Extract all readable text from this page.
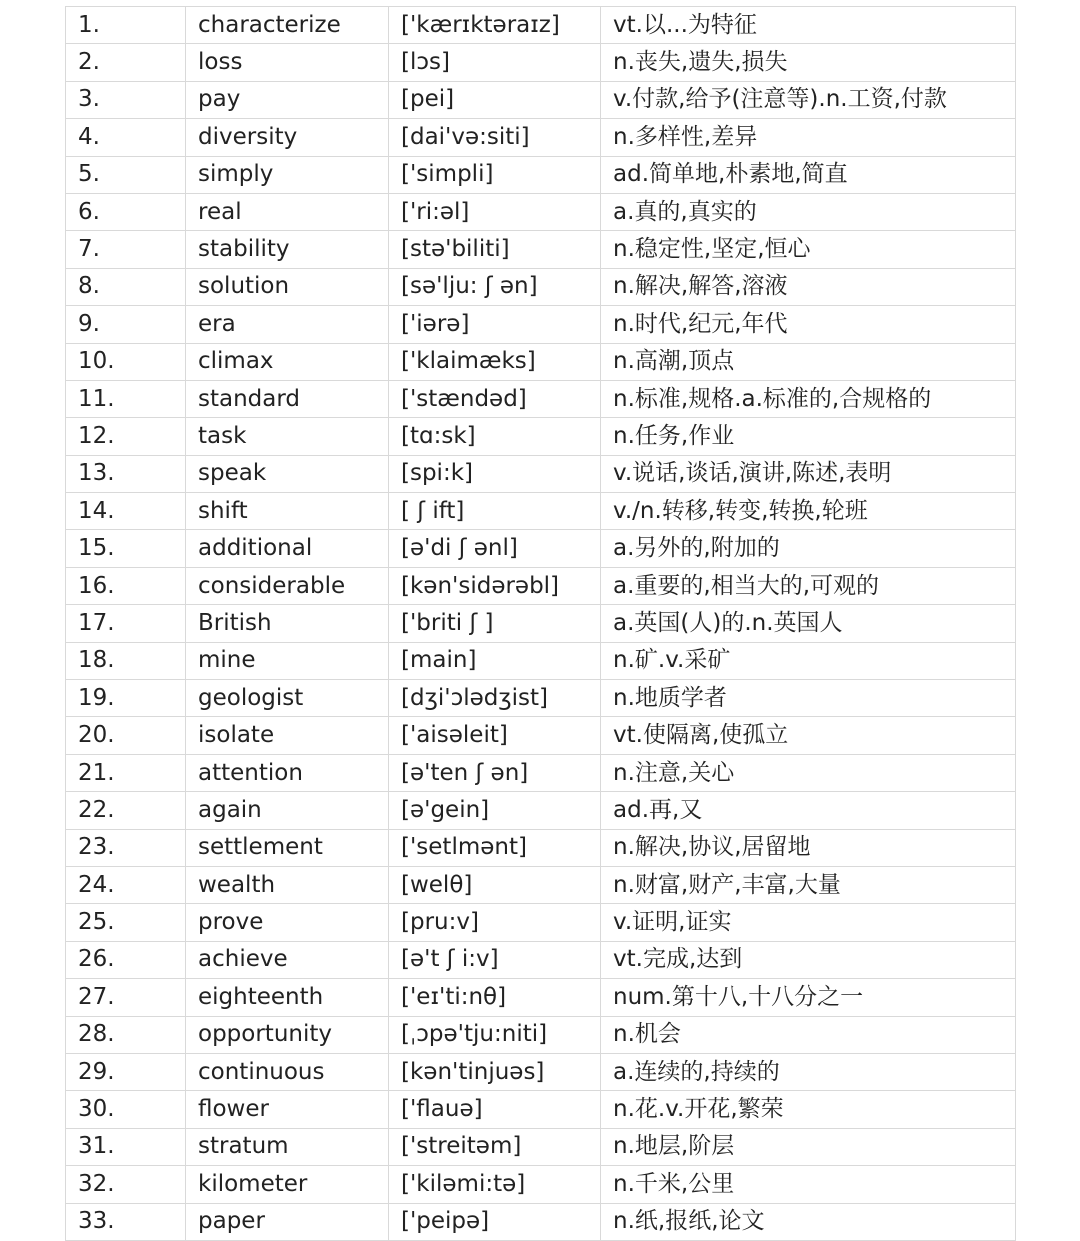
1.	characterize	['kærɪktəraɪz]	vt.以...为特征
2.	loss	[lɔs]	n.丧失,遗失,损失
3.	pay	[pei]	v.付款,给予(注意等).n.工资,付款
4.	diversity	[dai'və:siti]	n.多样性,差异
5.	simply	['simpli]	ad.简单地,朴素地,简直
6.	real	['ri:əl]	a.真的,真实的
7.	stability	[stə'biliti]	n.稳定性,坚定,恒心
8.	solution	[sə'lju: ʃ ən]	n.解决,解答,溶液
9.	era	['iərə]	n.时代,纪元,年代
10.	climax	['klaimæks]	n.高潮,顶点
11.	standard	['stændəd]	n.标准,规格.a.标准的,合规格的
12.	task	[tɑ:sk]	n.任务,作业
13.	speak	[spi:k]	v.说话,谈话,演讲,陈述,表明
14.	shift	[ ʃ ift]	v./n.转移,转变,转换,轮班
15.	additional	[ə'di ʃ ənl]	a.另外的,附加的
16.	considerable	[kən'sidərəbl]	a.重要的,相当大的,可观的
17.	British	['briti ʃ ]	a.英国(人)的.n.英国人
18.	mine	[main]	n.矿.v.采矿
19.	geologist	[dʒi'ɔlədʒist]	n.地质学者
20.	isolate	['aisəleit]	vt.使隔离,使孤立
21.	attention	[ə'ten ʃ ən]	n.注意,关心
22.	again	[ə'gein]	ad.再,又
23.	settlement	['setlmənt]	n.解决,协议,居留地
24.	wealth	[welθ]	n.财富,财产,丰富,大量
25.	prove	[pru:v]	v.证明,证实
26.	achieve	[ə't ʃ i:v]	vt.完成,达到
27.	eighteenth	['eɪ'ti:nθ]	num.第十八,十八分之一
28.	opportunity	[ˌɔpə'tju:niti]	n.机会
29.	continuous	[kən'tinjuəs]	a.连续的,持续的
30.	flower	['flauə]	n.花.v.开花,繁荣
31.	stratum	['streitəm]	n.地层,阶层
32.	kilometer	['kiləmi:tə]	n.千米,公里
33.	paper	['peipə]	n.纸,报纸,论文
